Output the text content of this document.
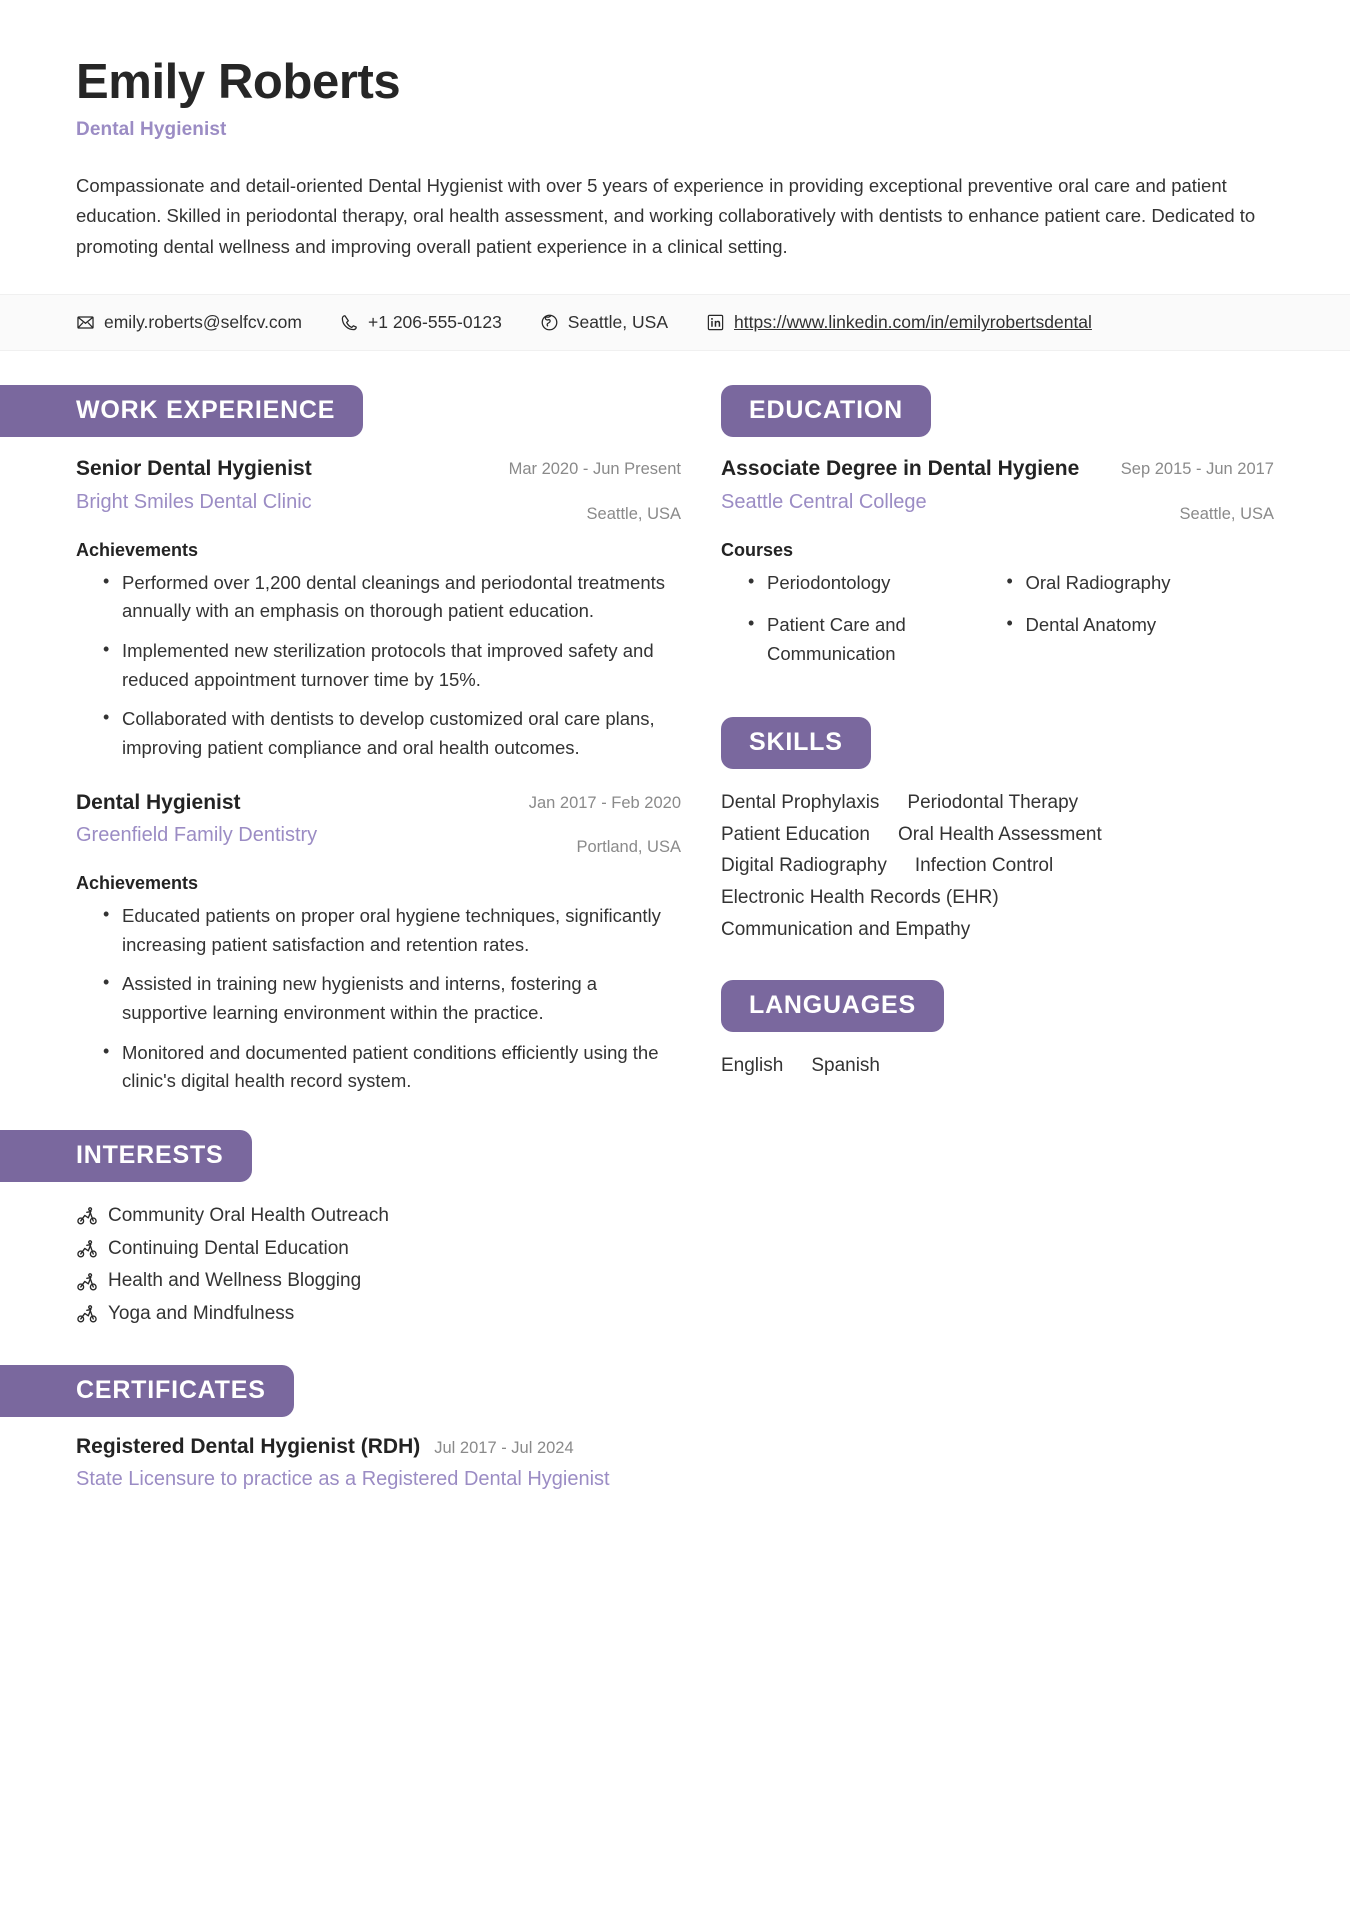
Emily Roberts
Dental Hygienist
Compassionate and detail-oriented Dental Hygienist with over 5 years of experience in providing exceptional preventive oral care and patient education. Skilled in periodontal therapy, oral health assessment, and working collaboratively with dentists to enhance patient care. Dedicated to promoting dental wellness and improving overall patient experience in a clinical setting.
emily.roberts@selfcv.com	+1 206-555-0123	Seattle, USA	https://www.linkedin.com/in/emilyrobertsdental
WORK EXPERIENCE
Senior Dental Hygienist
Bright Smiles Dental Clinic
Mar 2020 - Jun Present
Seattle, USA
Achievements
• Performed over 1,200 dental cleanings and periodontal treatments annually with an emphasis on thorough patient education.
• Implemented new sterilization protocols that improved safety and reduced appointment turnover time by 15%.
• Collaborated with dentists to develop customized oral care plans, improving patient compliance and oral health outcomes.
Dental Hygienist
Greenfield Family Dentistry
Jan 2017 - Feb 2020
Portland, USA
Achievements
• Educated patients on proper oral hygiene techniques, significantly increasing patient satisfaction and retention rates.
• Assisted in training new hygienists and interns, fostering a supportive learning environment within the practice.
• Monitored and documented patient conditions efficiently using the clinic's digital health record system.
INTERESTS
Community Oral Health Outreach
Continuing Dental Education
Health and Wellness Blogging
Yoga and Mindfulness
CERTIFICATES
Registered Dental Hygienist (RDH) Jul 2017 - Jul 2024
State Licensure to practice as a Registered Dental Hygienist
EDUCATION
Associate Degree in Dental Hygiene
Seattle Central College
Sep 2015 - Jun 2017
Seattle, USA
Courses
• Periodontology	• Oral Radiography
• Patient Care and Communication
• Dental Anatomy
SKILLS
Dental Prophylaxis Periodontal Therapy
Patient Education Oral Health Assessment
Digital Radiography Infection Control
Electronic Health Records (EHR)
Communication and Empathy
LANGUAGES
English Spanish
